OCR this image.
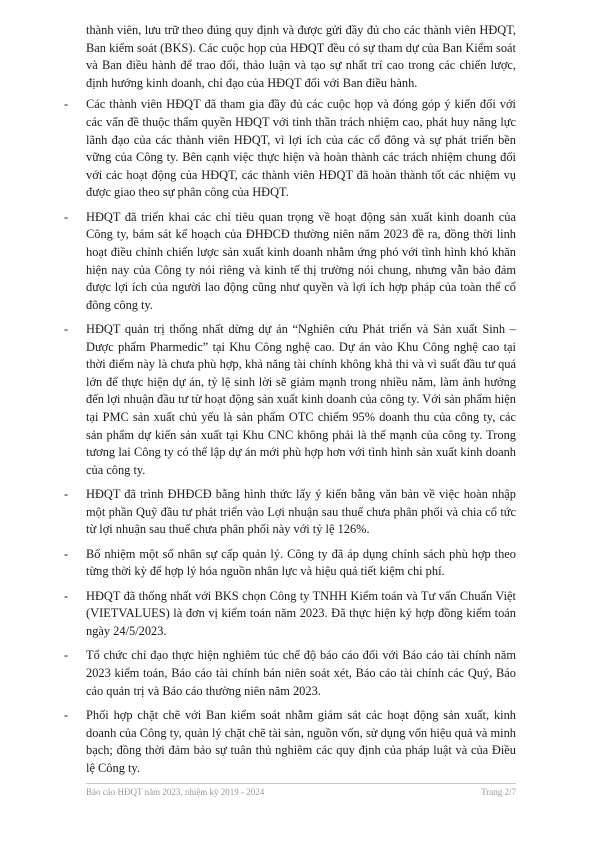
thành viên, lưu trữ theo đúng quy định và được gửi đầy đủ cho các thành viên HĐQT, Ban kiểm soát (BKS). Các cuộc họp của HĐQT đều có sự tham dự của Ban Kiểm soát và Ban điều hành để trao đổi, thảo luận và tạo sự nhất trí cao trong các chiến lược, định hướng kinh doanh, chỉ đạo của HĐQT đối với Ban điều hành.

- Các thành viên HĐQT đã tham gia đầy đủ các cuộc họp và đóng góp ý kiến đối với các vấn đề thuộc thẩm quyền HĐQT với tinh thần trách nhiệm cao, phát huy năng lực lãnh đạo của các thành viên HĐQT, vì lợi ích của các cổ đông và sự phát triển bền vững của Công ty. Bên cạnh việc thực hiện và hoàn thành các trách nhiệm chung đối với các hoạt động của HĐQT, các thành viên HĐQT đã hoàn thành tốt các nhiệm vụ được giao theo sự phân công của HĐQT.
- HĐQT đã triển khai các chỉ tiêu quan trọng về hoạt động sản xuất kinh doanh của Công ty, bám sát kế hoạch của ĐHĐCĐ thường niên năm 2023 đề ra, đồng thời linh hoạt điều chỉnh chiến lược sản xuất kinh doanh nhằm ứng phó với tình hình khó khăn hiện nay của Công ty nói riêng và kinh tế thị trường nói chung, nhưng vẫn bảo đảm được lợi ích của người lao động cũng như quyền và lợi ích hợp pháp của toàn thể cổ đông công ty.
- HĐQT quản trị thống nhất dừng dự án “Nghiên cứu Phát triển và Sản xuất Sinh – Dược phẩm Pharmedic” tại Khu Công nghệ cao. Dự án vào Khu Công nghệ cao tại thời điểm này là chưa phù hợp, khả năng tài chính không khả thi và vì suất đầu tư quá lớn để thực hiện dự án, tỷ lệ sinh lời sẽ giảm mạnh trong nhiều năm, làm ảnh hưởng đến lợi nhuận đầu tư từ hoạt động sản xuất kinh doanh của công ty. Với sản phẩm hiện tại PMC sản xuất chủ yếu là sản phẩm OTC chiếm 95% doanh thu của công ty, các sản phẩm dự kiến sản xuất tại Khu CNC không phải là thế mạnh của công ty. Trong tương lai Công ty có thể lập dự án mới phù hợp hơn với tình hình sản xuất kinh doanh của công ty.
- HĐQT đã trình ĐHĐCĐ bằng hình thức lấy ý kiến bằng văn bản về việc hoàn nhập một phần Quỹ đầu tư phát triển vào Lợi nhuận sau thuế chưa phân phối và chia cổ tức từ lợi nhuận sau thuế chưa phân phối này với tỷ lệ 126%.
- Bổ nhiệm một số nhân sự cấp quản lý. Công ty đã áp dụng chính sách phù hợp theo từng thời kỳ để hợp lý hóa nguồn nhân lực và hiệu quả tiết kiệm chi phí.
- HĐQT đã thống nhất với BKS chọn Công ty TNHH Kiểm toán và Tư vấn Chuẩn Việt (VIETVALUES) là đơn vị kiểm toán năm 2023. Đã thực hiện ký hợp đồng kiểm toán ngày 24/5/2023.
- Tổ chức chỉ đạo thực hiện nghiêm túc chế độ báo cáo đối với Báo cáo tài chính năm 2023 kiểm toán, Báo cáo tài chính bán niên soát xét, Báo cáo tài chính các Quý, Báo cáo quản trị và Báo cáo thường niên năm 2023.
- Phối hợp chặt chẽ với Ban kiểm soát nhằm giám sát các hoạt động sản xuất, kinh doanh của Công ty, quản lý chặt chẽ tài sản, nguồn vốn, sử dụng vốn hiệu quả và minh bạch; đồng thời đảm bảo sự tuân thủ nghiêm các quy định của pháp luật và của Điều lệ Công ty.
Báo cáo HĐQT năm 2023, nhiệm kỳ 2019 - 2024	Trang 2/7
